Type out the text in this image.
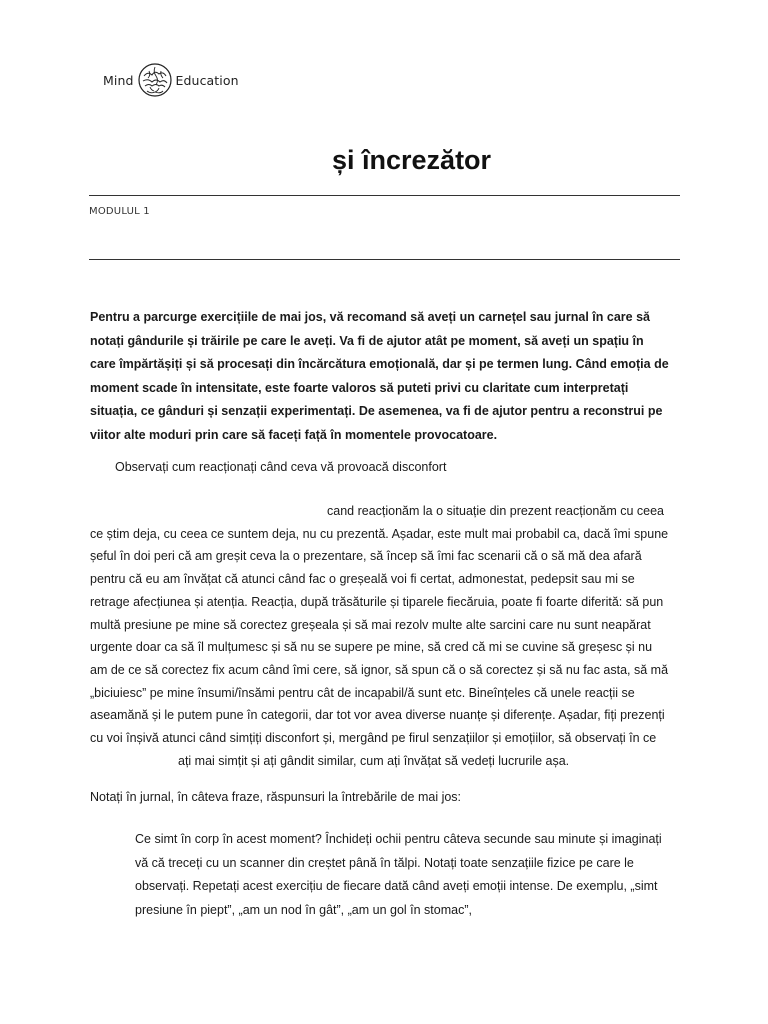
Mind	Education
și încrezător
MODULUL 1

Pentru a parcurge exercițiile de mai jos, vă recomand să aveți un carnețel sau jurnal în care să notați gândurile și trăirile pe care le aveți. Va fi de ajutor atât pe moment, să aveți un spațiu în care împărtășiți și să procesați din încărcătura emoțională, dar și pe termen lung. Când emoția de moment scade în intensitate, este foarte valoros să puteti privi cu claritate cum interpretați situația, ce gânduri și senzații experimentați. De asemenea, va fi de ajutor pentru a reconstrui pe viitor alte moduri prin care să faceți față în momentele provocatoare.

Observați cum reacționați când ceva vă provoacă disconfort

cand reacționăm la o situație din prezent reacționăm cu ceea
ce știm deja, cu ceea ce suntem deja, nu cu prezentă. Așadar, este mult mai probabil ca, dacă îmi spune
șeful în doi peri că am greșit ceva la o prezentare, să încep să îmi fac scenarii că o să mă dea afară
pentru că eu am învățat că atunci când fac o greșeală voi fi certat, admonestat, pedepsit sau mi se
retrage afecțiunea și atenția. Reacția, după trăsăturile și tiparele fiecăruia, poate fi foarte diferită: să pun
multă presiune pe mine să corectez greșeala și să mai rezolv multe alte sarcini care nu sunt neapărat
urgente doar ca să îl mulțumesc și să nu se supere pe mine, să cred că mi se cuvine să greșesc și nu
am de ce să corectez fix acum când îmi cere, să ignor, să spun că o să corectez și să nu fac asta, să mă
„biciuiesc” pe mine însumi/însămi pentru cât de incapabil/ă sunt etc. Bineînțeles că unele reacții se
aseamănă și le putem pune în categorii, dar tot vor avea diverse nuanțe și diferențe. Așadar, fiți prezenți
cu voi înșivă atunci când simțiți disconfort și, mergând pe firul senzațiilor și emoțiilor, să observați în ce
ați mai simțit și ați gândit similar, cum ați învățat să vedeți lucrurile așa.

Notați în jurnal, în câteva fraze, răspunsuri la întrebările de mai jos:

Ce simt în corp în acest moment? Închideți ochii pentru câteva secunde sau minute și imaginați
vă că treceți cu un scanner din creștet până în tălpi. Notați toate senzațiile fizice pe care le
observați. Repetați acest exercițiu de fiecare dată când aveți emoții intense. De exemplu, „simt
presiune în piept”, „am un nod în gât”, „am un gol în stomac”,
